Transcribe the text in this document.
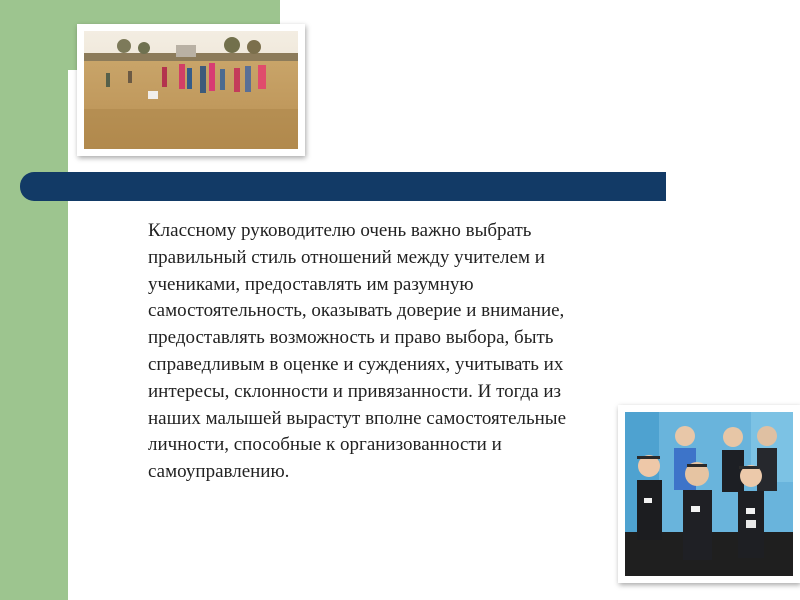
Классному руководителю очень важно выбрать
правильный стиль отношений между учителем и
учениками, предоставлять им разумную
самостоятельность, оказывать доверие и внимание,
предоставлять возможность и право выбора, быть
справедливым в оценке и суждениях, учитывать их
интересы, склонности и привязанности. И тогда из
наших малышей вырастут вполне самостоятельные
личности, способные к организованности и
самоуправлению.
